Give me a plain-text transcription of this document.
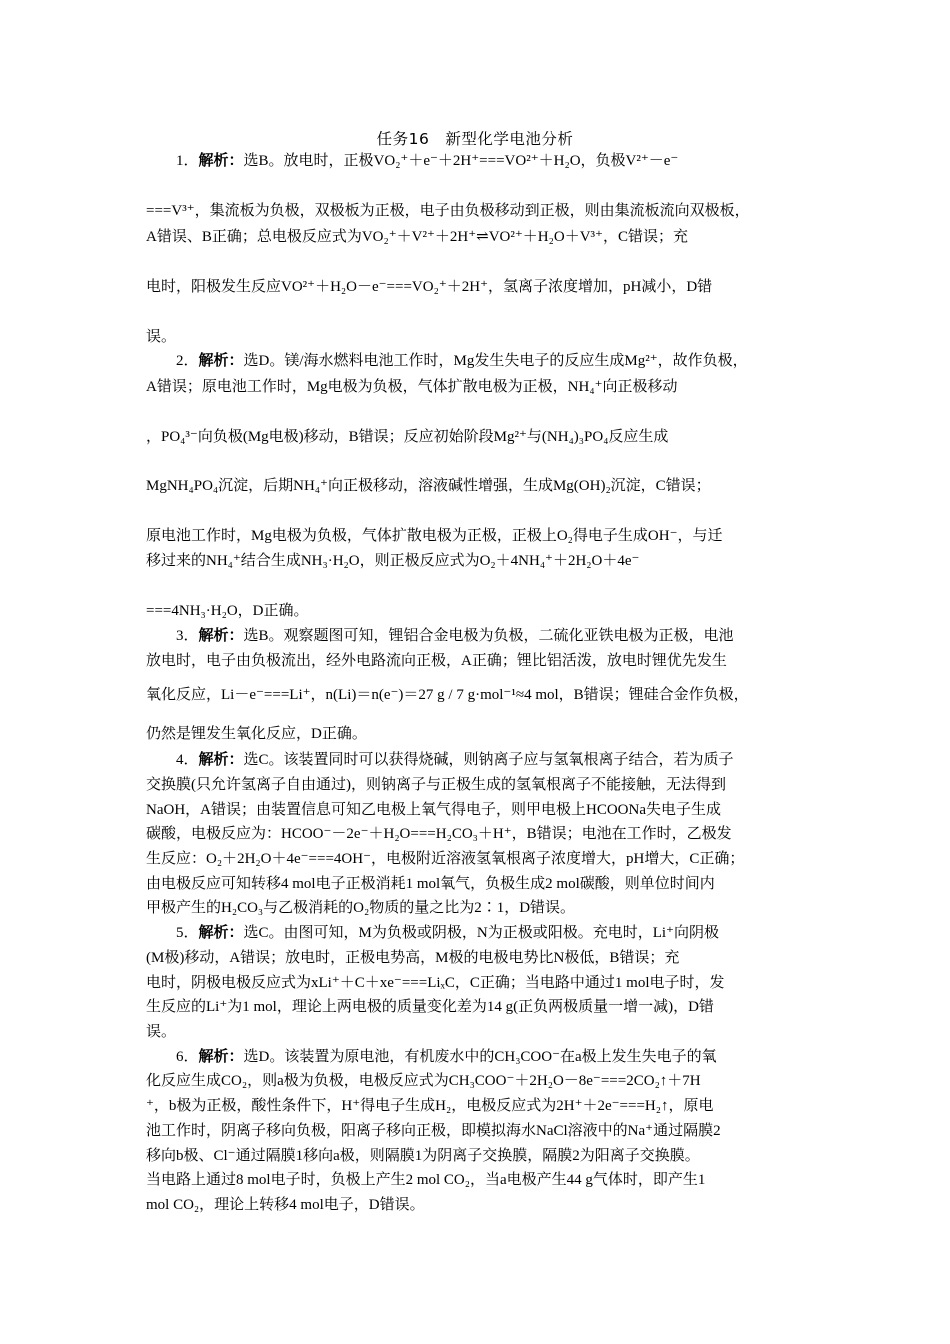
任务16　新型化学电池分析
1．解析：选B。放电时，正极VO₂⁺＋e⁻＋2H⁺===VO²⁺＋H₂O，负极V²⁺－e⁻
===V³⁺，集流板为负极，双极板为正极，电子由负极移动到正极，则由集流板流向双极板，
A错误、B正确；总电极反应式为VO₂⁺＋V²⁺＋2H⁺⇌VO²⁺＋H₂O＋V³⁺，C错误；充
电时，阳极发生反应VO²⁺＋H₂O－e⁻===VO₂⁺＋2H⁺，氢离子浓度增加，pH减小，D错
误。
2．解析：选D。镁/海水燃料电池工作时，Mg发生失电子的反应生成Mg²⁺，故作负极，
A错误；原电池工作时，Mg电极为负极，气体扩散电极为正极，NH₄⁺向正极移动
，PO₄³⁻向负极(Mg电极)移动，B错误；反应初始阶段Mg²⁺与(NH₄)₃PO₄反应生成
MgNH₄PO₄沉淀，后期NH₄⁺向正极移动，溶液碱性增强，生成Mg(OH)₂沉淀，C错误；
原电池工作时，Mg电极为负极，气体扩散电极为正极，正极上O₂得电子生成OH⁻，与迁
移过来的NH₄⁺结合生成NH₃·H₂O，则正极反应式为O₂＋4NH₄⁺＋2H₂O＋4e⁻
===4NH₃·H₂O，D正确。
3．解析：选B。观察题图可知，锂铝合金电极为负极，二硫化亚铁电极为正极，电池
放电时，电子由负极流出，经外电路流向正极，A正确；锂比铝活泼，放电时锂优先发生
氧化反应，Li－e⁻===Li⁺，n(Li)＝n(e⁻)＝27 g / 7 g·mol⁻¹≈4 mol，B错误；锂硅合金作负极，
仍然是锂发生氧化反应，D正确。
4．解析：选C。该装置同时可以获得烧碱，则钠离子应与氢氧根离子结合，若为质子
交换膜(只允许氢离子自由通过)，则钠离子与正极生成的氢氧根离子不能接触，无法得到
NaOH，A错误；由装置信息可知乙电极上氧气得电子，则甲电极上HCOONa失电子生成
碳酸，电极反应为：HCOO⁻－2e⁻＋H₂O===H₂CO₃＋H⁺，B错误；电池在工作时，乙极发
生反应：O₂＋2H₂O＋4e⁻===4OH⁻，电极附近溶液氢氧根离子浓度增大，pH增大，C正确；
由电极反应可知转移4 mol电子正极消耗1 mol氧气，负极生成2 mol碳酸，则单位时间内
甲极产生的H₂CO₃与乙极消耗的O₂物质的量之比为2∶1，D错误。
5．解析：选C。由图可知，M为负极或阴极，N为正极或阳极。充电时，Li⁺向阴极
(M极)移动，A错误；放电时，正极电势高，M极的电极电势比N极低，B错误；充
电时，阴极电极反应式为xLi⁺＋C＋xe⁻===LiₓC，C正确；当电路中通过1 mol电子时，发
生反应的Li⁺为1 mol，理论上两电极的质量变化差为14 g(正负两极质量一增一减)，D错
误。
6．解析：选D。该装置为原电池，有机废水中的CH₃COO⁻在a极上发生失电子的氧
化反应生成CO₂，则a极为负极，电极反应式为CH₃COO⁻＋2H₂O－8e⁻===2CO₂↑＋7H
⁺，b极为正极，酸性条件下，H⁺得电子生成H₂，电极反应式为2H⁺＋2e⁻===H₂↑，原电
池工作时，阴离子移向负极，阳离子移向正极，即模拟海水NaCl溶液中的Na⁺通过隔膜2
移向b极、Cl⁻通过隔膜1移向a极，则隔膜1为阴离子交换膜，隔膜2为阳离子交换膜。
当电路上通过8 mol电子时，负极上产生2 mol CO₂，当a电极产生44 g气体时，即产生1
mol CO₂，理论上转移4 mol电子，D错误。
